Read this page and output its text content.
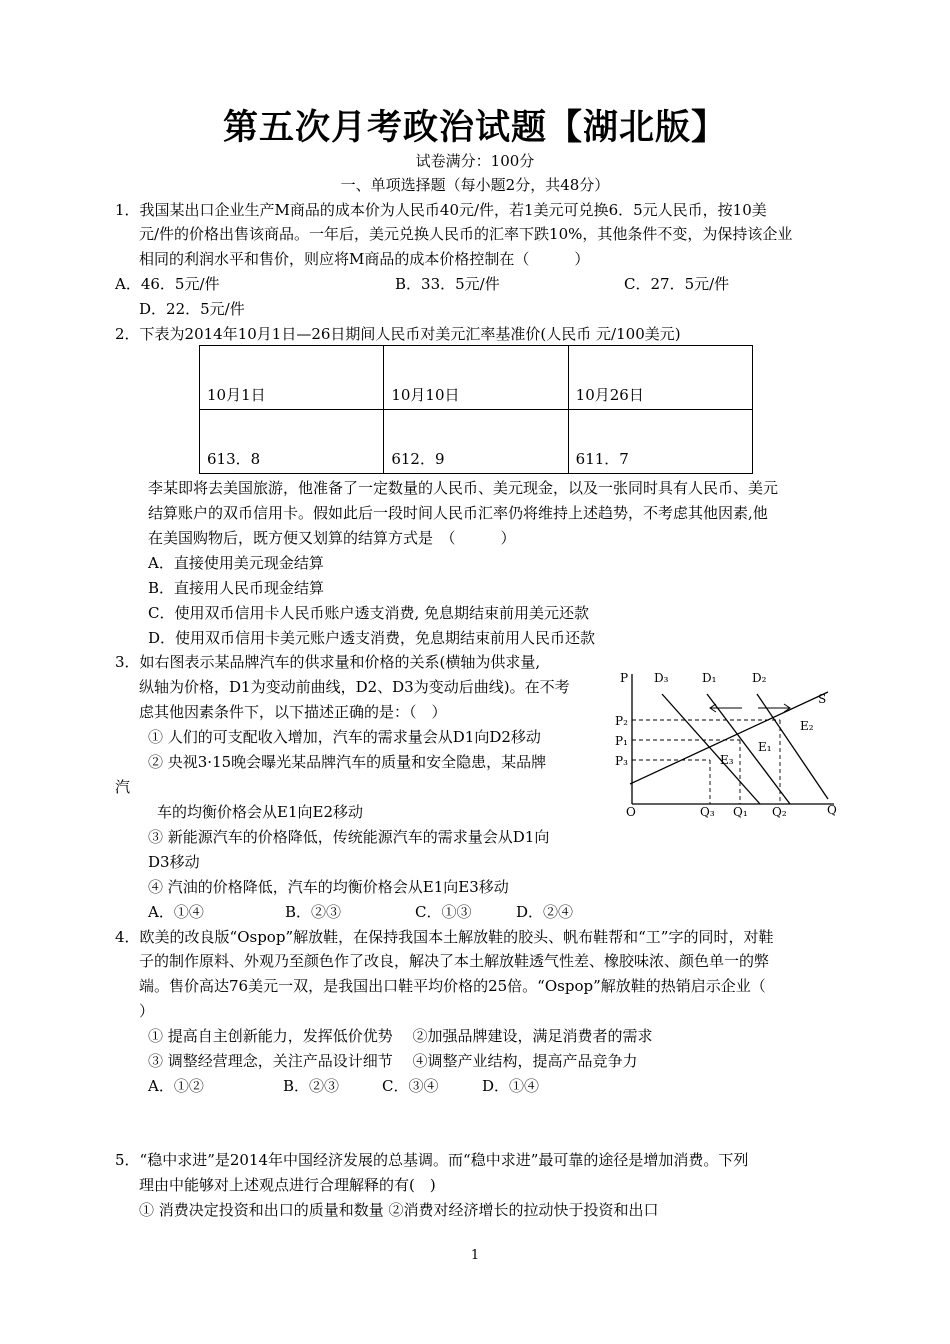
第五次月考政治试题【湖北版】
试卷满分：100分
一、单项选择题（每小题2分，共48分）
1．我国某出口企业生产M商品的成本价为人民币40元/件，若1美元可兑换6．5元人民币，按10美
元/件的价格出售该商品。一年后，美元兑换人民币的汇率下跌10%，其他条件不变，为保持该企业
相同的利润水平和售价，则应将M商品的成本价格控制在（　　　）
A．46．5元/件	B．33．5元/件	C．27．5元/件
D．22．5元/件
2．下表为2014年10月1日—26日期间人民币对美元汇率基准价(人民币 元/100美元)
10月1日	10月10日	10月26日
613．8	612．9	611．7
李某即将去美国旅游，他准备了一定数量的人民币、美元现金，以及一张同时具有人民币、美元
结算账户的双币信用卡。假如此后一段时间人民币汇率仍将维持上述趋势，不考虑其他因素,他
在美国购物后，既方便又划算的结算方式是　（　　　）
A．直接使用美元现金结算
B．直接用人民币现金结算
C．使用双币信用卡人民币账户透支消费, 免息期结束前用美元还款
D．使用双币信用卡美元账户透支消费，免息期结束前用人民币还款
3．如右图表示某品牌汽车的供求量和价格的关系(横轴为供求量,
纵轴为价格，D1为变动前曲线，D2、D3为变动后曲线)。在不考
虑其他因素条件下，以下描述正确的是：（　）
① 人们的可支配收入增加，汽车的需求量会从D1向D2移动
② 央视3·15晚会曝光某品牌汽车的质量和安全隐患，某品牌
汽
车的均衡价格会从E1向E2移动
③ 新能源汽车的价格降低，传统能源汽车的需求量会从D1向
D3移动
④ 汽油的价格降低，汽车的均衡价格会从E1向E3移动
A．①④	B．②③	C．①③	D．②④
P
Q
O
S
D₃	D₁	D₂
P₂
P₁
P₃
Q₃ Q₁ Q₂
E₂
E₁
E₃
4．欧美的改良版“Ospop”解放鞋，在保持我国本土解放鞋的胶头、帆布鞋帮和“工”字的同时，对鞋
子的制作原料、外观乃至颜色作了改良，解决了本土解放鞋透气性差、橡胶味浓、颜色单一的弊
端。售价高达76美元一双，是我国出口鞋平均价格的25倍。“Ospop”解放鞋的热销启示企业（
）
① 提高自主创新能力，发挥低价优势　 ②加强品牌建设，满足消费者的需求
③ 调整经营理念，关注产品设计细节　 ④调整产业结构，提高产品竞争力
A．①②	B．②③	C．③④	D．①④
5．“稳中求进”是2014年中国经济发展的总基调。而“稳中求进”最可靠的途径是增加消费。下列
理由中能够对上述观点进行合理解释的有(　)
① 消费决定投资和出口的质量和数量 ②消费对经济增长的拉动快于投资和出口
1
